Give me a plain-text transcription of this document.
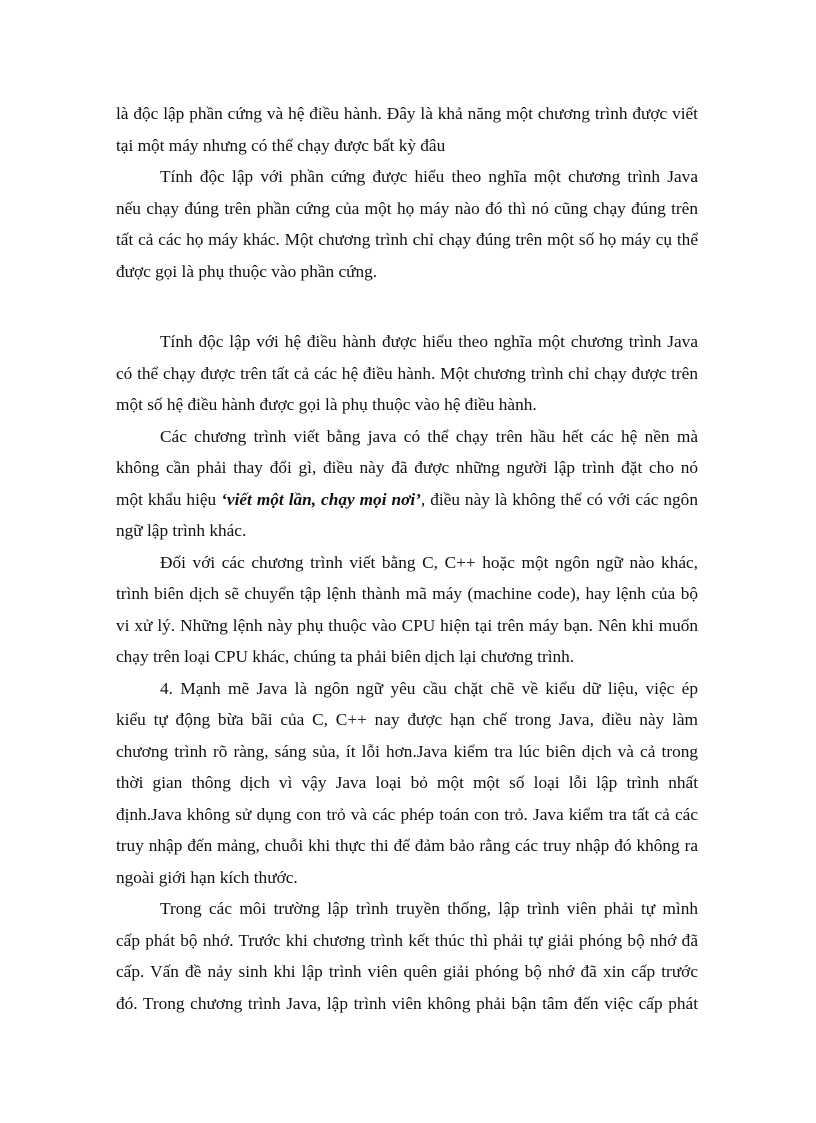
là độc lập phần cứng và hệ điều hành. Đây là khả năng một chương trình được viết
tại một máy nhưng có thể chạy được bất kỳ đâu
Tính độc lập với phần cứng được hiểu theo nghĩa một chương trình Java
nếu chạy đúng trên phần cứng của một họ máy nào đó thì nó cũng chạy đúng trên
tất cả các họ máy khác. Một chương trình chỉ chạy đúng trên một số họ máy cụ thể
được gọi là phụ thuộc vào phần cứng.
Tính độc lập với hệ điều hành được hiểu theo nghĩa một chương trình Java
có thể chạy được trên tất cả các hệ điều hành. Một chương trình chỉ chạy được trên
một số hệ điều hành được gọi là phụ thuộc vào hệ điều hành.
Các chương trình viết bằng java có thể chạy trên hầu hết các hệ nền mà
không cần phải thay đổi gì, điều này đã được những người lập trình đặt cho nó
một khẩu hiệu ‘viết một lần, chạy mọi nơi’, điều này là không thể có với các ngôn
ngữ lập trình khác.
Đối với các chương trình viết bằng C, C++ hoặc một ngôn ngữ nào khác,
trình biên dịch sẽ chuyển tập lệnh thành mã máy (machine code), hay lệnh của bộ
vi xử lý. Những lệnh này phụ thuộc vào CPU hiện tại trên máy bạn. Nên khi muốn
chạy trên loại CPU khác, chúng ta phải biên dịch lại chương trình.
4. Mạnh mẽ Java là ngôn ngữ yêu cầu chặt chẽ về kiểu dữ liệu, việc ép
kiểu tự động bừa bãi của C, C++ nay được hạn chế trong Java, điều này làm
chương trình rõ ràng, sáng sủa, ít lỗi hơn.Java kiểm tra lúc biên dịch và cả trong
thời gian thông dịch vì vậy Java loại bỏ một một số loại lỗi lập trình nhất
định.Java không sử dụng con trỏ và các phép toán con trỏ. Java kiểm tra tất cả các
truy nhập đến mảng, chuỗi khi thực thi để đảm bảo rằng các truy nhập đó không ra
ngoài giới hạn kích thước.
Trong các môi trường lập trình truyền thống, lập trình viên phải tự mình
cấp phát bộ nhớ. Trước khi chương trình kết thúc thì phải tự giải phóng bộ nhớ đã
cấp. Vấn đề nảy sinh khi lập trình viên quên giải phóng bộ nhớ đã xin cấp trước
đó. Trong chương trình Java, lập trình viên không phải bận tâm đến việc cấp phát
